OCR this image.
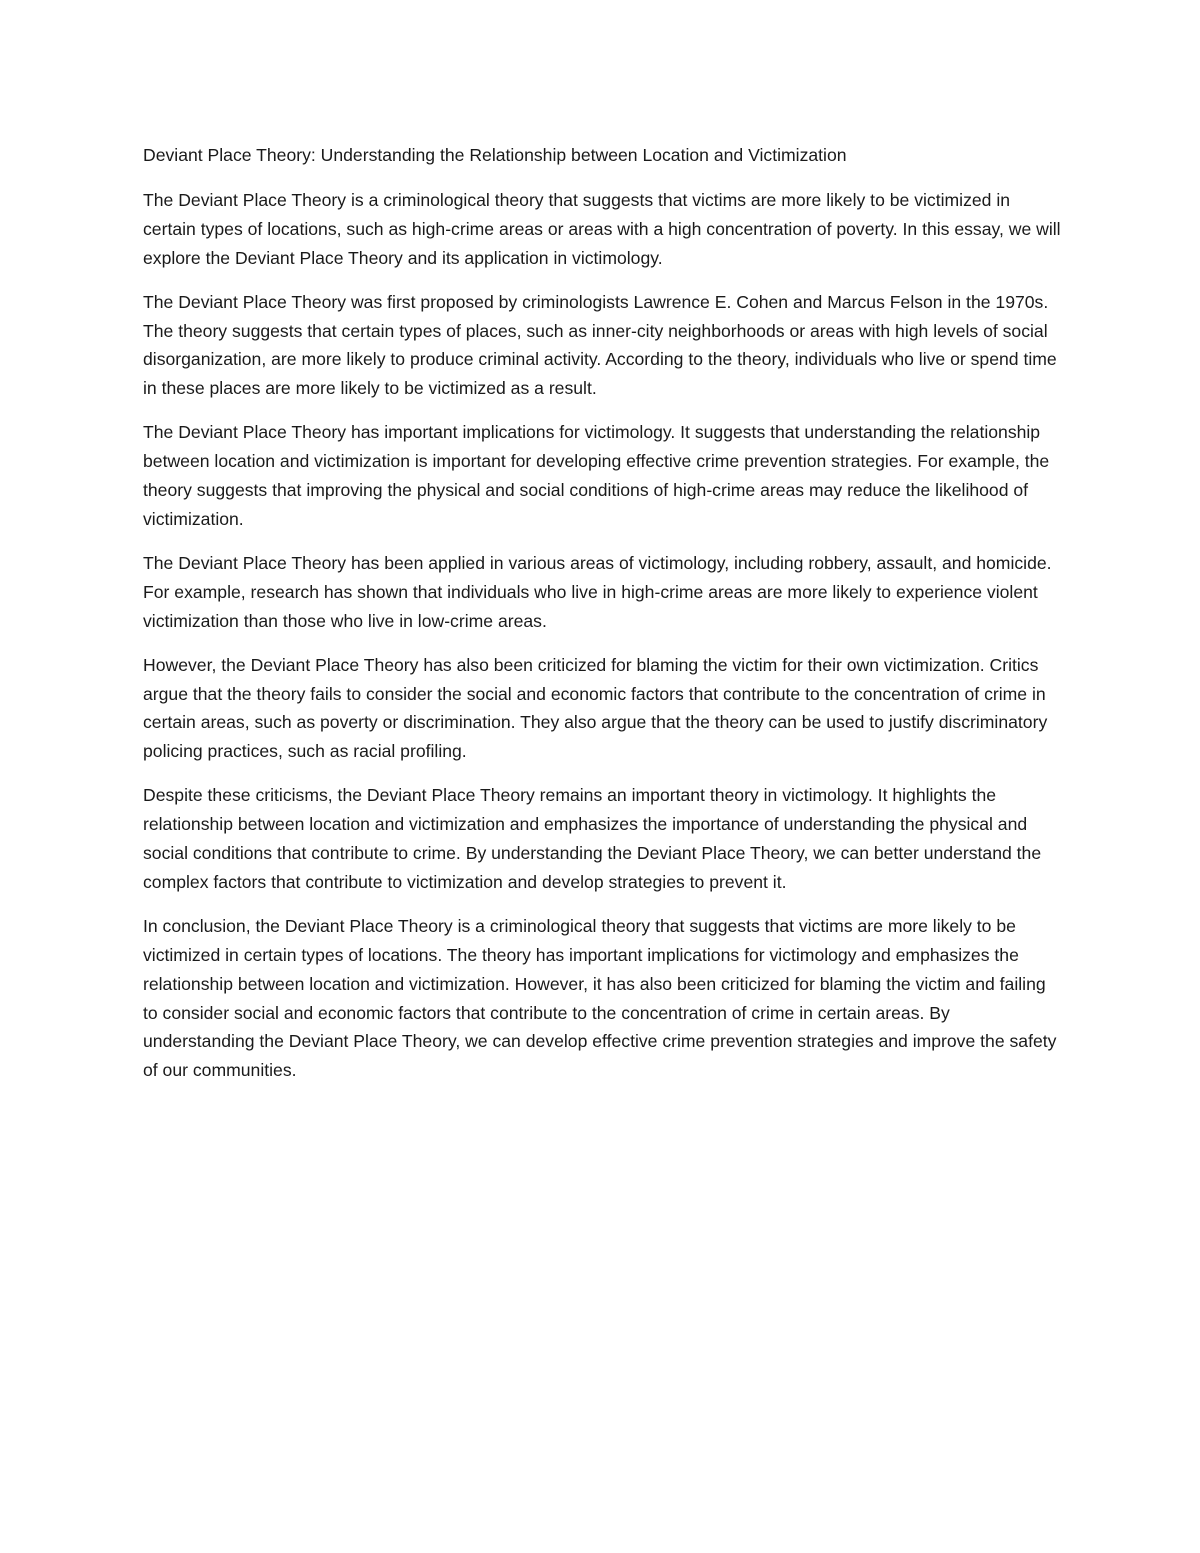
Deviant Place Theory: Understanding the Relationship between Location and Victimization

The Deviant Place Theory is a criminological theory that suggests that victims are more likely to be victimized in certain types of locations, such as high-crime areas or areas with a high concentration of poverty. In this essay, we will explore the Deviant Place Theory and its application in victimology.

The Deviant Place Theory was first proposed by criminologists Lawrence E. Cohen and Marcus Felson in the 1970s. The theory suggests that certain types of places, such as inner-city neighborhoods or areas with high levels of social disorganization, are more likely to produce criminal activity. According to the theory, individuals who live or spend time in these places are more likely to be victimized as a result.

The Deviant Place Theory has important implications for victimology. It suggests that understanding the relationship between location and victimization is important for developing effective crime prevention strategies. For example, the theory suggests that improving the physical and social conditions of high-crime areas may reduce the likelihood of victimization.

The Deviant Place Theory has been applied in various areas of victimology, including robbery, assault, and homicide. For example, research has shown that individuals who live in high-crime areas are more likely to experience violent victimization than those who live in low-crime areas.

However, the Deviant Place Theory has also been criticized for blaming the victim for their own victimization. Critics argue that the theory fails to consider the social and economic factors that contribute to the concentration of crime in certain areas, such as poverty or discrimination. They also argue that the theory can be used to justify discriminatory policing practices, such as racial profiling.

Despite these criticisms, the Deviant Place Theory remains an important theory in victimology. It highlights the relationship between location and victimization and emphasizes the importance of understanding the physical and social conditions that contribute to crime. By understanding the Deviant Place Theory, we can better understand the complex factors that contribute to victimization and develop strategies to prevent it.

In conclusion, the Deviant Place Theory is a criminological theory that suggests that victims are more likely to be victimized in certain types of locations. The theory has important implications for victimology and emphasizes the relationship between location and victimization. However, it has also been criticized for blaming the victim and failing to consider social and economic factors that contribute to the concentration of crime in certain areas. By understanding the Deviant Place Theory, we can develop effective crime prevention strategies and improve the safety of our communities.
